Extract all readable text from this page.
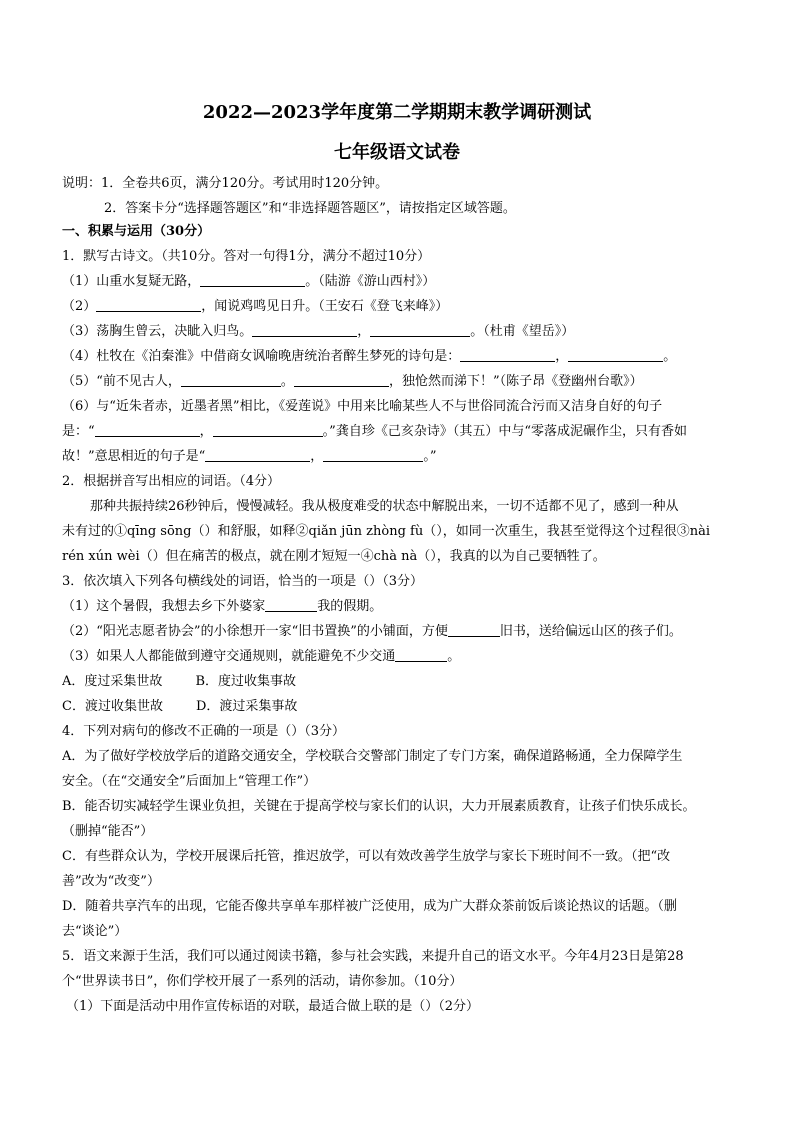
2022—2023学年度第二学期期末教学调研测试
七年级语文试卷
说明：1．全卷共6页，满分120分。考试用时120分钟。
2．答案卡分“选择题答题区”和“非选择题答题区”，请按指定区域答题。
一、积累与运用（30分）
1．默写古诗文。（共10分。答对一句得1分，满分不超过10分）
（1）山重水复疑无路，	。（陆游《游山西村》）
（2）	，闻说鸡鸣见日升。（王安石《登飞来峰》）
（3）荡胸生曾云，决眦入归鸟。	，	。（杜甫《望岳》）
（4）杜牧在《泊秦淮》中借商女讽喻晚唐统治者醉生梦死的诗句是：	，	。
（5）“前不见古人，	。	，独怆然而涕下！”（陈子昂《登幽州台歌》）
（6）与“近朱者赤，近墨者黑”相比，《爱莲说》中用来比喻某些人不与世俗同流合污而又洁身自好的句子
是：“	，	。”龚自珍《己亥杂诗》（其五）中与“零落成泥碾作尘，只有香如
故！”意思相近的句子是“	，	。”
2．根据拼音写出相应的词语。（4分）
那种共振持续26秒钟后，慢慢减轻。我从极度难受的状态中解脱出来，一切不适都不见了，感到一种从
未有过的①qīng sōng（）和舒服，如释②qiǎn jūn zhòng fù（），如同一次重生，我甚至觉得这个过程很③nài
rén xún wèi（）但在痛苦的极点，就在刚才短短一④chà nà（），我真的以为自己要牺牲了。
3．依次填入下列各句横线处的词语，恰当的一项是（）（3分）
（1）这个暑假，我想去乡下外婆家	我的假期。
（2）“阳光志愿者协会”的小徐想开一家“旧书置换”的小铺面，方便	旧书，送给偏远山区的孩子们。
（3）如果人人都能做到遵守交通规则，就能避免不少交通	。
A．度过采集世故        B．度过收集事故
C．渡过收集世故        D．渡过采集事故
4．下列对病句的修改不正确的一项是（）（3分）
A．为了做好学校放学后的道路交通安全，学校联合交警部门制定了专门方案，确保道路畅通，全力保障学生
安全。（在“交通安全”后面加上“管理工作”）
B．能否切实减轻学生课业负担，关键在于提高学校与家长们的认识，大力开展素质教育，让孩子们快乐成长。
（删掉“能否”）
C．有些群众认为，学校开展课后托管，推迟放学，可以有效改善学生放学与家长下班时间不一致。（把“改
善”改为“改变”）
D．随着共享汽车的出现，它能否像共享单车那样被广泛使用，成为广大群众茶前饭后谈论热议的话题。（删
去“谈论”）
5．语文来源于生活，我们可以通过阅读书籍，参与社会实践，来提升自己的语文水平。今年4月23日是第28
个“世界读书日”，你们学校开展了一系列的活动，请你参加。（10分）
（1）下面是活动中用作宣传标语的对联，最适合做上联的是（）（2分）
